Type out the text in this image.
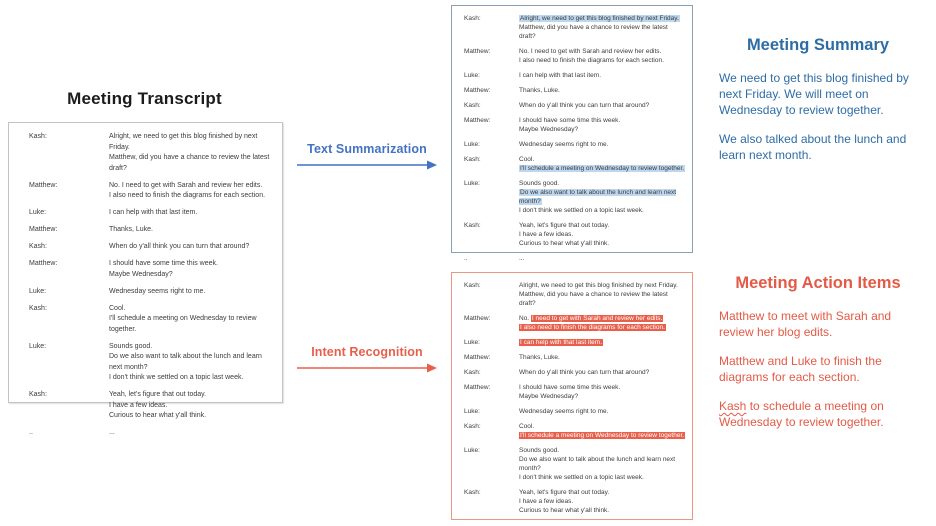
Meeting Transcript
Kash:	Alright, we need to get this blog finished by next Friday.
Matthew, did you have a chance to review the latest draft?
Matthew:	No. I need to get with Sarah and review her edits.
I also need to finish the diagrams for each section.
Luke:	I can help with that last item.
Matthew:	Thanks, Luke.
Kash:	When do y'all think you can turn that around?
Matthew:	I should have some time this week.
Maybe Wednesday?
Luke:	Wednesday seems right to me.
Kash:	Cool.
I'll schedule a meeting on Wednesday to review together.
Luke:	Sounds good.
Do we also want to talk about the lunch and learn next month?
I don't think we settled on a topic last week.
Kash:	Yeah, let's figure that out today.
I have a few ideas.
Curious to hear what y'all think.
..	...
Text Summarization
Intent Recognition
Kash:	Alright, we need to get this blog finished by next Friday.
Matthew, did you have a chance to review the latest draft?
Matthew:	No. I need to get with Sarah and review her edits.
I also need to finish the diagrams for each section.
Luke:	I can help with that last item.
Matthew:	Thanks, Luke.
Kash:	When do y'all think you can turn that around?
Matthew:	I should have some time this week.
Maybe Wednesday?
Luke:	Wednesday seems right to me.
Kash:	Cool.
I'll schedule a meeting on Wednesday to review together.
Luke:	Sounds good.
Do we also want to talk about the lunch and learn next month?
I don't think we settled on a topic last week.
Kash:	Yeah, let's figure that out today.
I have a few ideas.
Curious to hear what y'all think.
..	...
Kash:	Alright, we need to get this blog finished by next Friday.
Matthew, did you have a chance to review the latest draft?
Matthew:	No. I need to get with Sarah and review her edits.
I also need to finish the diagrams for each section.
Luke:	I can help with that last item.
Matthew:	Thanks, Luke.
Kash:	When do y'all think you can turn that around?
Matthew:	I should have some time this week.
Maybe Wednesday?
Luke:	Wednesday seems right to me.
Kash:	Cool.
I'll schedule a meeting on Wednesday to review together.
Luke:	Sounds good.
Do we also want to talk about the lunch and learn next month?
I don't think we settled on a topic last week.
Kash:	Yeah, let's figure that out today.
I have a few ideas.
Curious to hear what y'all think.
..	...
Meeting Summary

We need to get this blog finished by next Friday. We will meet on Wednesday to review together.

We also talked about the lunch and learn next month.

Meeting Action Items

Matthew to meet with Sarah and review her blog edits.

Matthew and Luke to finish the diagrams for each section.

Kash to schedule a meeting on Wednesday to review together.
